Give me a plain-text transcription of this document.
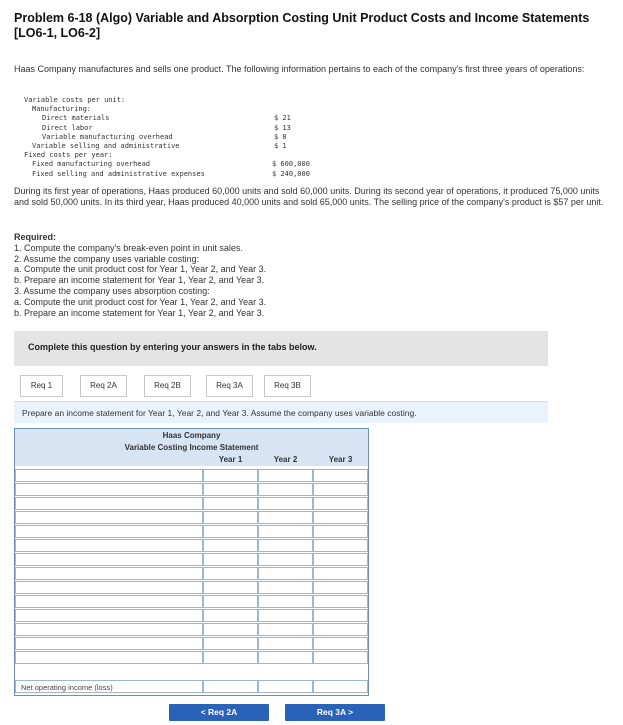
Problem 6-18 (Algo) Variable and Absorption Costing Unit Product Costs and Income Statements [LO6-1, LO6-2]
Haas Company manufactures and sells one product. The following information pertains to each of the company's first three years of operations:
Variable costs per unit:
Manufacturing:
Direct materials	$ 21
Direct labor	$ 13
Variable manufacturing overhead	$ 8
Variable selling and administrative	$ 1
Fixed costs per year:
Fixed manufacturing overhead	$ 600,000
Fixed selling and administrative expenses	$ 240,000
During its first year of operations, Haas produced 60,000 units and sold 60,000 units. During its second year of operations, it produced 75,000 units and sold 50,000 units. In its third year, Haas produced 40,000 units and sold 65,000 units. The selling price of the company's product is $57 per unit.
Required:
1. Compute the company's break-even point in unit sales.
2. Assume the company uses variable costing:
a. Compute the unit product cost for Year 1, Year 2, and Year 3.
b. Prepare an income statement for Year 1, Year 2, and Year 3.
3. Assume the company uses absorption costing:
a. Compute the unit product cost for Year 1, Year 2, and Year 3.
b. Prepare an income statement for Year 1, Year 2, and Year 3.
Complete this question by entering your answers in the tabs below.
Req 1	Req 2A	Req 2B	Req 3A	Req 3B
Prepare an income statement for Year 1, Year 2, and Year 3. Assume the company uses variable costing.
Haas Company
Variable Costing Income Statement
Year 1	Year 2	Year 3
Net operating income (loss)
< Req 2A	Req 3A >
